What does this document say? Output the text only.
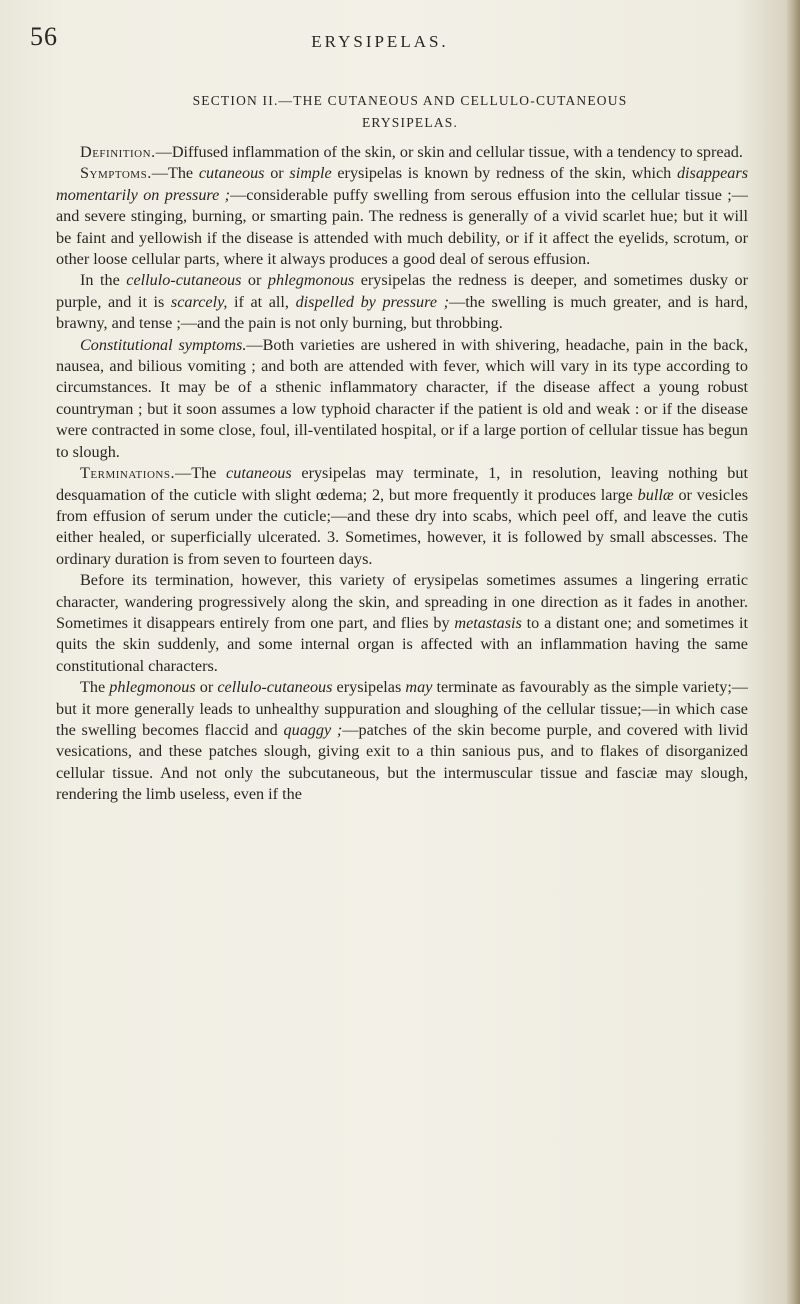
56	ERYSIPELAS.
SECTION II.—THE CUTANEOUS AND CELLULO-CUTANEOUS
ERYSIPELAS.

Definition.—Diffused inflammation of the skin, or skin and cellular tissue, with a tendency to spread.

Symptoms.—The cutaneous or simple erysipelas is known by redness of the skin, which disappears momentarily on pressure ;—considerable puffy swelling from serous effusion into the cellular tissue ;—and severe stinging, burning, or smarting pain. The redness is generally of a vivid scarlet hue; but it will be faint and yellowish if the disease is attended with much debility, or if it affect the eyelids, scrotum, or other loose cellular parts, where it always produces a good deal of serous effusion.

In the cellulo-cutaneous or phlegmonous erysipelas the redness is deeper, and sometimes dusky or purple, and it is scarcely, if at all, dispelled by pressure ;—the swelling is much greater, and is hard, brawny, and tense ;—and the pain is not only burning, but throbbing.

Constitutional symptoms.—Both varieties are ushered in with shivering, headache, pain in the back, nausea, and bilious vomiting ; and both are attended with fever, which will vary in its type according to circumstances. It may be of a sthenic inflammatory character, if the disease affect a young robust countryman ; but it soon assumes a low typhoid character if the patient is old and weak : or if the disease were contracted in some close, foul, ill-ventilated hospital, or if a large portion of cellular tissue has begun to slough.

Terminations.—The cutaneous erysipelas may terminate, 1, in resolution, leaving nothing but desquamation of the cuticle with slight œdema; 2, but more frequently it produces large bullæ or vesicles from effusion of serum under the cuticle;—and these dry into scabs, which peel off, and leave the cutis either healed, or superficially ulcerated. 3. Sometimes, however, it is followed by small abscesses. The ordinary duration is from seven to fourteen days.

Before its termination, however, this variety of erysipelas sometimes assumes a lingering erratic character, wandering progressively along the skin, and spreading in one direction as it fades in another. Sometimes it disappears entirely from one part, and flies by metastasis to a distant one; and sometimes it quits the skin suddenly, and some internal organ is affected with an inflammation having the same constitutional characters.

The phlegmonous or cellulo-cutaneous erysipelas may terminate as favourably as the simple variety;—but it more generally leads to unhealthy suppuration and sloughing of the cellular tissue;—in which case the swelling becomes flaccid and quaggy ;—patches of the skin become purple, and covered with livid vesications, and these patches slough, giving exit to a thin sanious pus, and to flakes of disorganized cellular tissue. And not only the subcutaneous, but the intermuscular tissue and fasciæ may slough, rendering the limb useless, even if the
